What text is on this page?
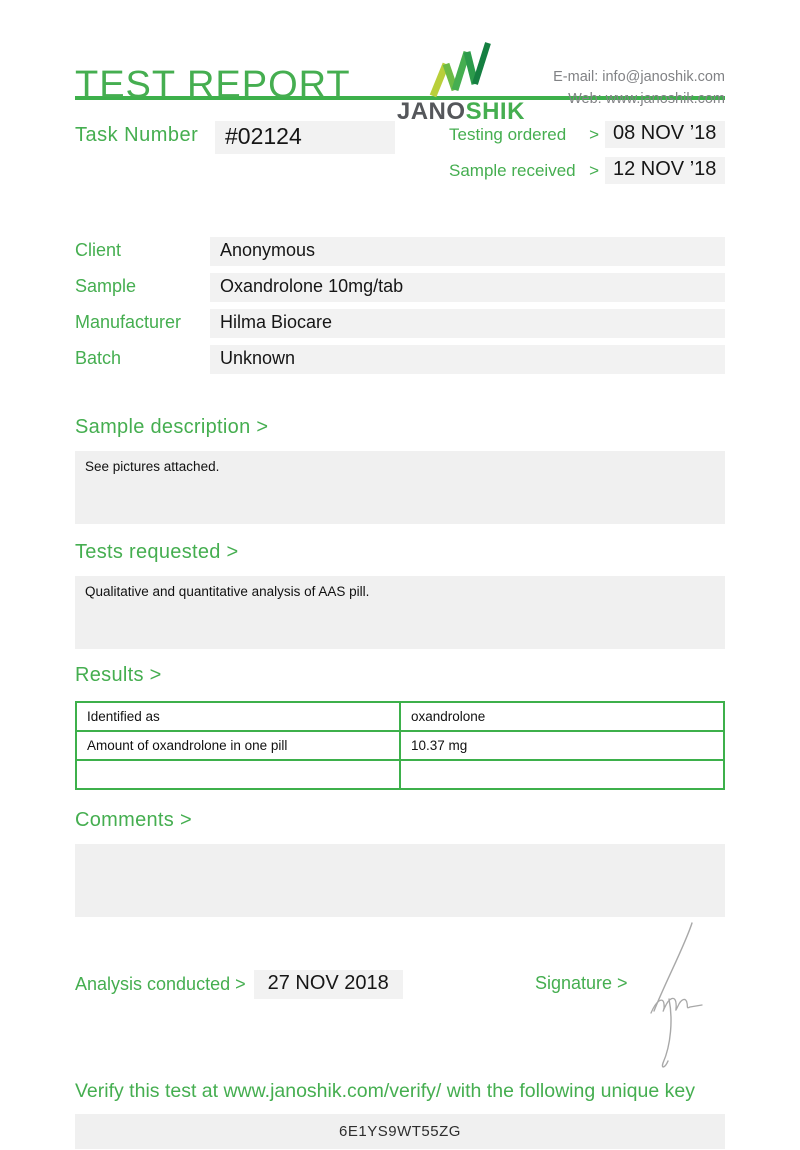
TEST REPORT
JANOSHIK
E-mail: info@janoshik.com
Web: www.janoshik.com
Task Number	#02124	Testing ordered > 08 NOV ’18
Sample received > 12 NOV ’18
Client	Anonymous
Sample	Oxandrolone 10mg/tab
Manufacturer	Hilma Biocare
Batch	Unknown
Sample description >
See pictures attached.
Tests requested >
Qualitative and quantitative analysis of AAS pill.
Results >
Identified as	oxandrolone
Amount of oxandrolone in one pill	10.37 mg

Comments >
Analysis conducted >	27 NOV 2018	Signature >
Verify this test at www.janoshik.com/verify/ with the following unique key
6E1YS9WT55ZG
